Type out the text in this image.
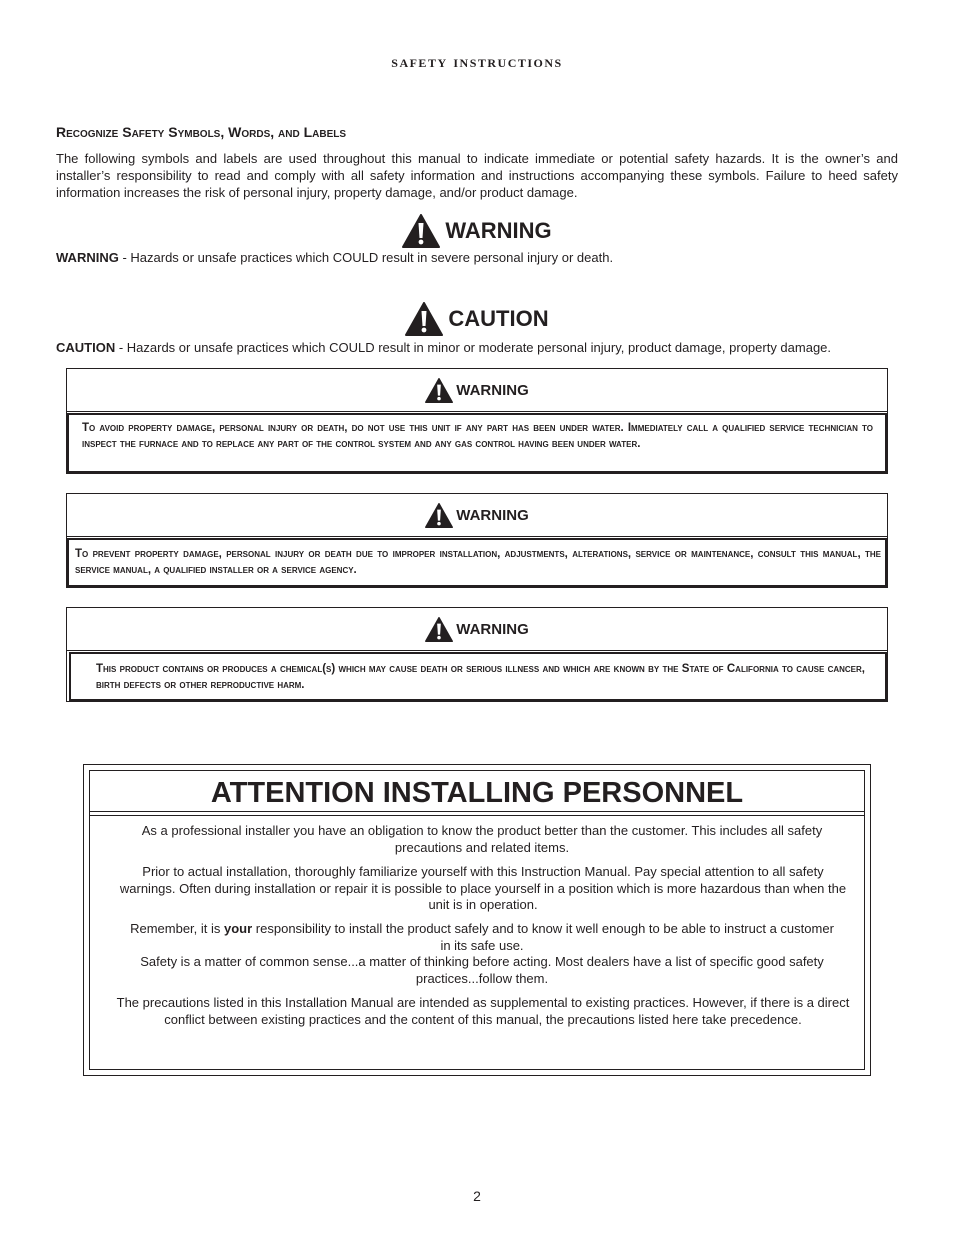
safety instructions
Recognize Safety Symbols, Words, and Labels
The following symbols and labels are used throughout this manual to indicate immediate or potential safety hazards. It is the owner’s and installer’s responsibility to read and comply with all safety information and instructions accompanying these symbols. Failure to heed safety information increases the risk of personal injury, property damage, and/or product damage.
WARNING
WARNING - Hazards or unsafe practices which COULD result in severe personal injury or death.
CAUTION
CAUTION - Hazards or unsafe practices which COULD result in minor or moderate personal injury, product damage, property damage.
WARNING
To avoid property damage, personal injury or death, do not use this unit if any part has been under water. Immediately call a qualified service technician to inspect the furnace and to replace any part of the control system and any gas control having been under water.
WARNING
To prevent property damage, personal injury or death due to improper installation, adjustments, alterations, service or maintenance, consult this manual, the service manual, a qualified installer or a service agency.
WARNING
This product contains or produces a chemical(s) which may cause death or serious illness and which are known by the State of California to cause cancer, birth defects or other reproductive harm.
ATTENTION INSTALLING PERSONNEL
As a professional installer you have an obligation to know the product better than the customer. This includes all safety precautions and related items.
Prior to actual installation, thoroughly familiarize yourself with this Instruction Manual. Pay special attention to all safety warnings. Often during installation or repair it is possible to place yourself in a position which is more hazardous than when the unit is in operation.
Remember, it is your responsibility to install the product safely and to know it well enough to be able to instruct a customer in its safe use.
Safety is a matter of common sense...a matter of thinking before acting. Most dealers have a list of specific good safety practices...follow them.
The precautions listed in this Installation Manual are intended as supplemental to existing practices. However, if there is a direct conflict between existing practices and the content of this manual, the precautions listed here take precedence.
2
